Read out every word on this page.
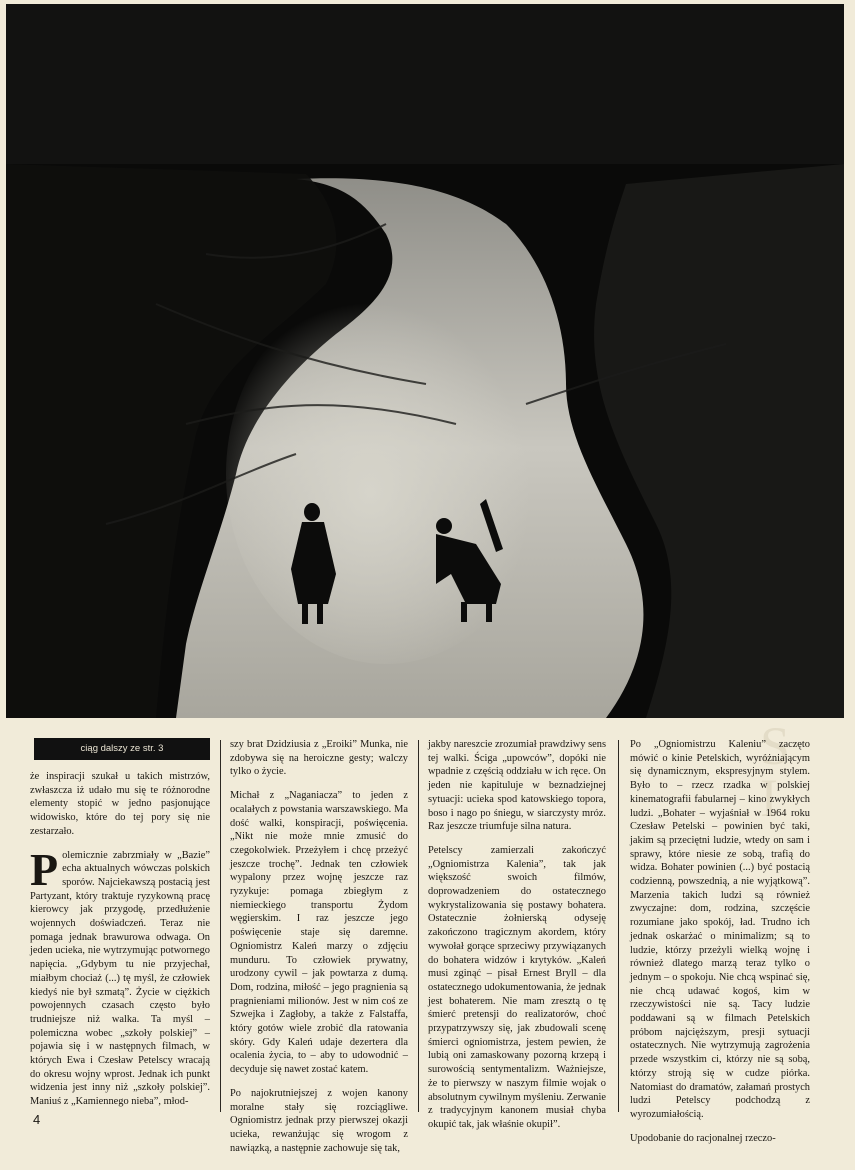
S
I
ciąg dalszy ze str. 3

że inspiracji szukał u takich mistrzów, zwłaszcza iż udało mu się te różnorodne elementy stopić w jedno pasjonujące widowisko, które do tej pory się nie zestarzało.

Polemicznie zabrzmiały w „Bazie” echa aktualnych wówczas polskich sporów. Najciekawszą postacią jest Partyzant, który traktuje ryzykowną pracę kierowcy jak przygodę, przedłużenie wojennych doświadczeń. Teraz nie pomaga jednak brawurowa odwaga. On jeden ucieka, nie wytrzymując potwornego napięcia. „Gdybym tu nie przyjechał, miałbym chociaż (...) tę myśl, że człowiek kiedyś nie był szmatą”. Życie w ciężkich powojennych czasach często było trudniejsze niż walka. Ta myśl – polemiczna wobec „szkoły polskiej” – pojawia się i w następnych filmach, w których Ewa i Czesław Petelscy wracają do okresu wojny wprost. Jednak ich punkt widzenia jest inny niż „szkoły polskiej”. Maniuś z „Kamiennego nieba”, młod-

szy brat Dzidziusia z „Eroiki” Munka, nie zdobywa się na heroiczne gesty; walczy tylko o życie.

Michał z „Naganiacza” to jeden z ocalałych z powstania warszawskiego. Ma dość walki, konspiracji, poświęcenia. „Nikt nie może mnie zmusić do czegokolwiek. Przeżyłem i chcę przeżyć jeszcze trochę”. Jednak ten człowiek wypalony przez wojnę jeszcze raz ryzykuje: pomaga zbiegłym z niemieckiego transportu Żydom węgierskim. I raz jeszcze jego poświęcenie staje się daremne. Ogniomistrz Kaleń marzy o zdjęciu munduru. To człowiek prywatny, urodzony cywil – jak powtarza z dumą. Dom, rodzina, miłość – jego pragnienia są pragnieniami milionów. Jest w nim coś ze Szwejka i Zagłoby, a także z Falstaffa, który gotów wiele zrobić dla ratowania skóry. Gdy Kaleń udaje dezertera dla ocalenia życia, to – aby to udowodnić – decyduje się nawet zostać katem.

Po najokrutniejszej z wojen kanony moralne stały się rozciągliwe. Ogniomistrz jednak przy pierwszej okazji ucieka, rewanżując się wrogom z nawiązką, a następnie zachowuje się tak,

jakby nareszcie zrozumiał prawdziwy sens tej walki. Ściga „upowców”, dopóki nie wpadnie z częścią oddziału w ich ręce. On jeden nie kapituluje w beznadziejnej sytuacji: ucieka spod katowskiego topora, boso i nago po śniegu, w siarczysty mróz. Raz jeszcze triumfuje silna natura.

Petelscy zamierzali zakończyć „Ogniomistrza Kalenia”, tak jak większość swoich filmów, doprowadzeniem do ostatecznego wykrystalizowania się postawy bohatera. Ostatecznie żołnierską odyseję zakończono tragicznym akordem, który wywołał gorące sprzeciwy przywiązanych do bohatera widzów i krytyków. „Kaleń musi zginąć – pisał Ernest Bryll – dla ostatecznego udokumentowania, że jednak jest bohaterem. Nie mam zresztą o tę śmierć pretensji do realizatorów, choć przypatrzywszy się, jak zbudowali scenę śmierci ogniomistrza, jestem pewien, że lubią oni zamaskowany pozorną krzepą i surowością sentymentalizm. Ważniejsze, że to pierwszy w naszym filmie wojak o absolutnym cywilnym myśleniu. Zerwanie z tradycyjnym kanonem musiał chyba okupić tak, jak właśnie okupił”.

Po „Ogniomistrzu Kaleniu” zaczęto mówić o kinie Petelskich, wyróżniającym się dynamicznym, ekspresyjnym stylem. Było to – rzecz rzadka w polskiej kinematografii fabularnej – kino zwykłych ludzi. „Bohater – wyjaśniał w 1964 roku Czesław Petelski – powinien być taki, jakim są przeciętni ludzie, wtedy on sam i sprawy, które niesie ze sobą, trafią do widza. Bohater powinien (...) być postacią codzienną, powszednią, a nie wyjątkową”. Marzenia takich ludzi są również zwyczajne: dom, rodzina, szczęście rozumiane jako spokój, ład. Trudno ich jednak oskarżać o minimalizm; są to ludzie, którzy przeżyli wielką wojnę i również dlatego marzą teraz tylko o jednym – o spokoju. Nie chcą wspinać się, nie chcą udawać kogoś, kim w rzeczywistości nie są. Tacy ludzie poddawani są w filmach Petelskich próbom najcięższym, presji sytuacji ostatecznych. Nie wytrzymują zagrożenia przede wszystkim ci, którzy nie są sobą, którzy stroją się w cudze piórka. Natomiast do dramatów, załamań prostych ludzi Petelscy podchodzą z wyrozumiałością.

Upodobanie do racjonalnej rzeczo-

4
